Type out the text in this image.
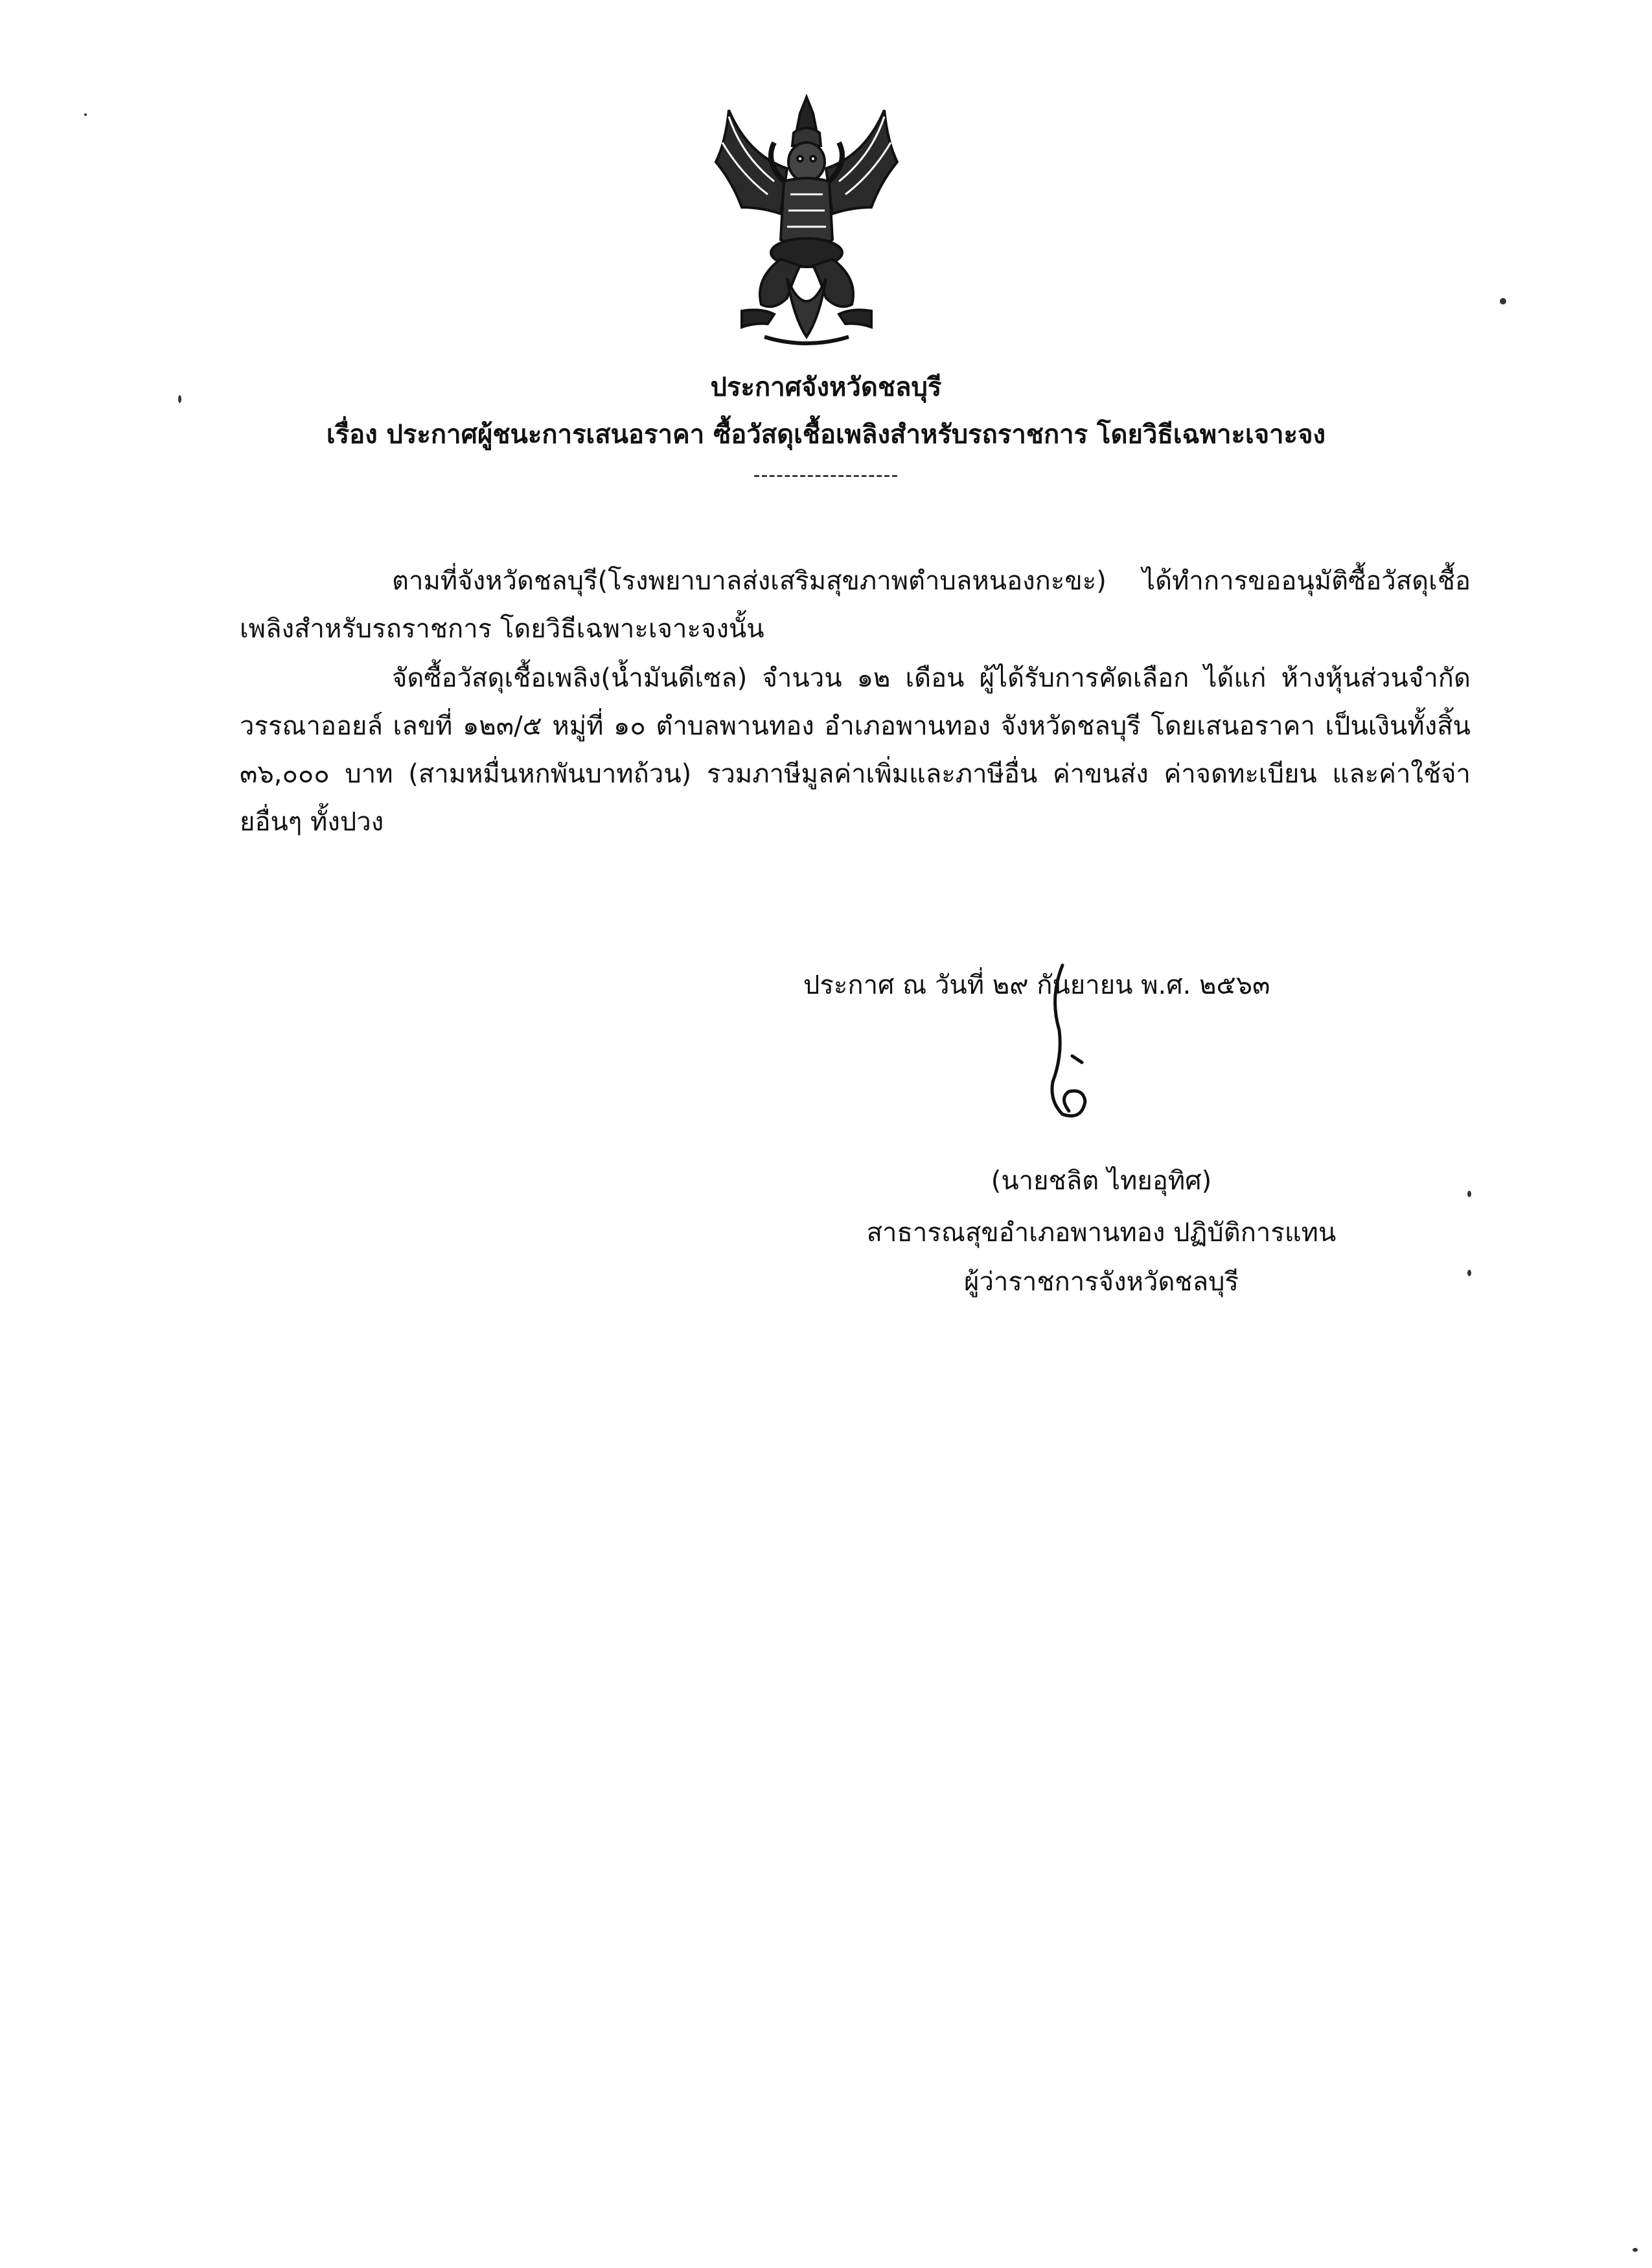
ประกาศจังหวัดชลบุรี
เรื่อง ประกาศผู้ชนะการเสนอราคา ซื้อวัสดุเชื้อเพลิงสำหรับรถราชการ โดยวิธีเฉพาะเจาะจง
-------------------
ตามที่จังหวัดชลบุรี(โรงพยาบาลส่งเสริมสุขภาพตำบลหนองกะขะ) ได้ทำการขออนุมัติซื้อวัสดุเชื้อเพลิงสำหรับรถราชการ โดยวิธีเฉพาะเจาะจงนั้น
จัดซื้อวัสดุเชื้อเพลิง(น้ำมันดีเซล) จำนวน ๑๒ เดือน ผู้ได้รับการคัดเลือก ได้แก่ ห้างหุ้นส่วนจำกัด วรรณาออยล์ เลขที่ ๑๒๓/๕ หมู่ที่ ๑๐ ตำบลพานทอง อำเภอพานทอง จังหวัดชลบุรี โดยเสนอราคา เป็นเงินทั้งสิ้น ๓๖,๐๐๐ บาท (สามหมื่นหกพันบาทถ้วน) รวมภาษีมูลค่าเพิ่มและภาษีอื่น ค่าขนส่ง ค่าจดทะเบียน และค่าใช้จ่ายอื่นๆ ทั้งปวง
ประกาศ ณ วันที่ ๒๙ กันยายน พ.ศ. ๒๕๖๓
(นายชลิต ไทยอุทิศ)
สาธารณสุขอำเภอพานทอง ปฏิบัติการแทน
ผู้ว่าราชการจังหวัดชลบุรี
